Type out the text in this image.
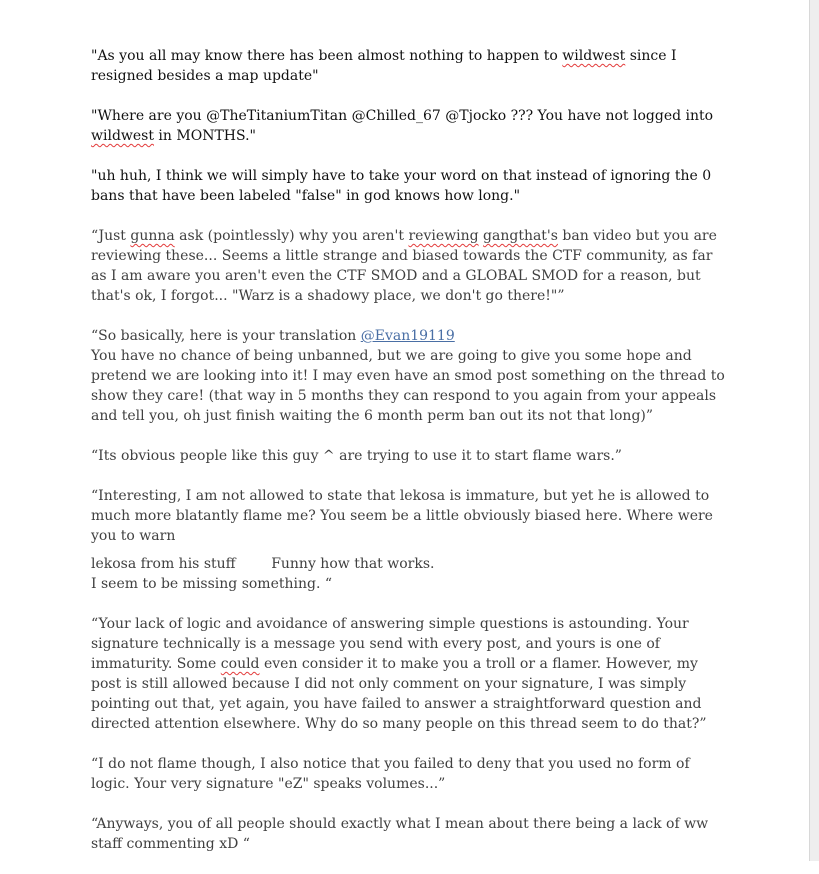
"As you all may know there has been almost nothing to happen to wildwest since I resigned besides a map update"

"Where are you @TheTitaniumTitan @Chilled_67 @Tjocko ??? You have not logged into wildwest in MONTHS."

"uh huh, I think we will simply have to take your word on that instead of ignoring the 0 bans that have been labeled "false" in god knows how long."

“Just gunna ask (pointlessly) why you aren't reviewing gangthat's ban video but you are reviewing these... Seems a little strange and biased towards the CTF community, as far as I am aware you aren't even the CTF SMOD and a GLOBAL SMOD for a reason, but that's ok, I forgot... "Warz is a shadowy place, we don't go there!"”

“So basically, here is your translation @Evan19119
You have no chance of being unbanned, but we are going to give you some hope and pretend we are looking into it! I may even have an smod post something on the thread to show they care! (that way in 5 months they can respond to you again from your appeals and tell you, oh just finish waiting the 6 month perm ban out its not that long)”

“Its obvious people like this guy ^ are trying to use it to start flame wars.”

“Interesting, I am not allowed to state that lekosa is immature, but yet he is allowed to much more blatantly flame me? You seem be a little obviously biased here. Where were you to warn
lekosa from his stuff        Funny how that works.
I seem to be missing something. “

“Your lack of logic and avoidance of answering simple questions is astounding. Your signature technically is a message you send with every post, and yours is one of immaturity. Some could even consider it to make you a troll or a flamer. However, my post is still allowed because I did not only comment on your signature, I was simply pointing out that, yet again, you have failed to answer a straightforward question and directed attention elsewhere. Why do so many people on this thread seem to do that?”

“I do not flame though, I also notice that you failed to deny that you used no form of logic. Your very signature "eZ" speaks volumes...”

“Anyways, you of all people should exactly what I mean about there being a lack of ww staff commenting xD “
